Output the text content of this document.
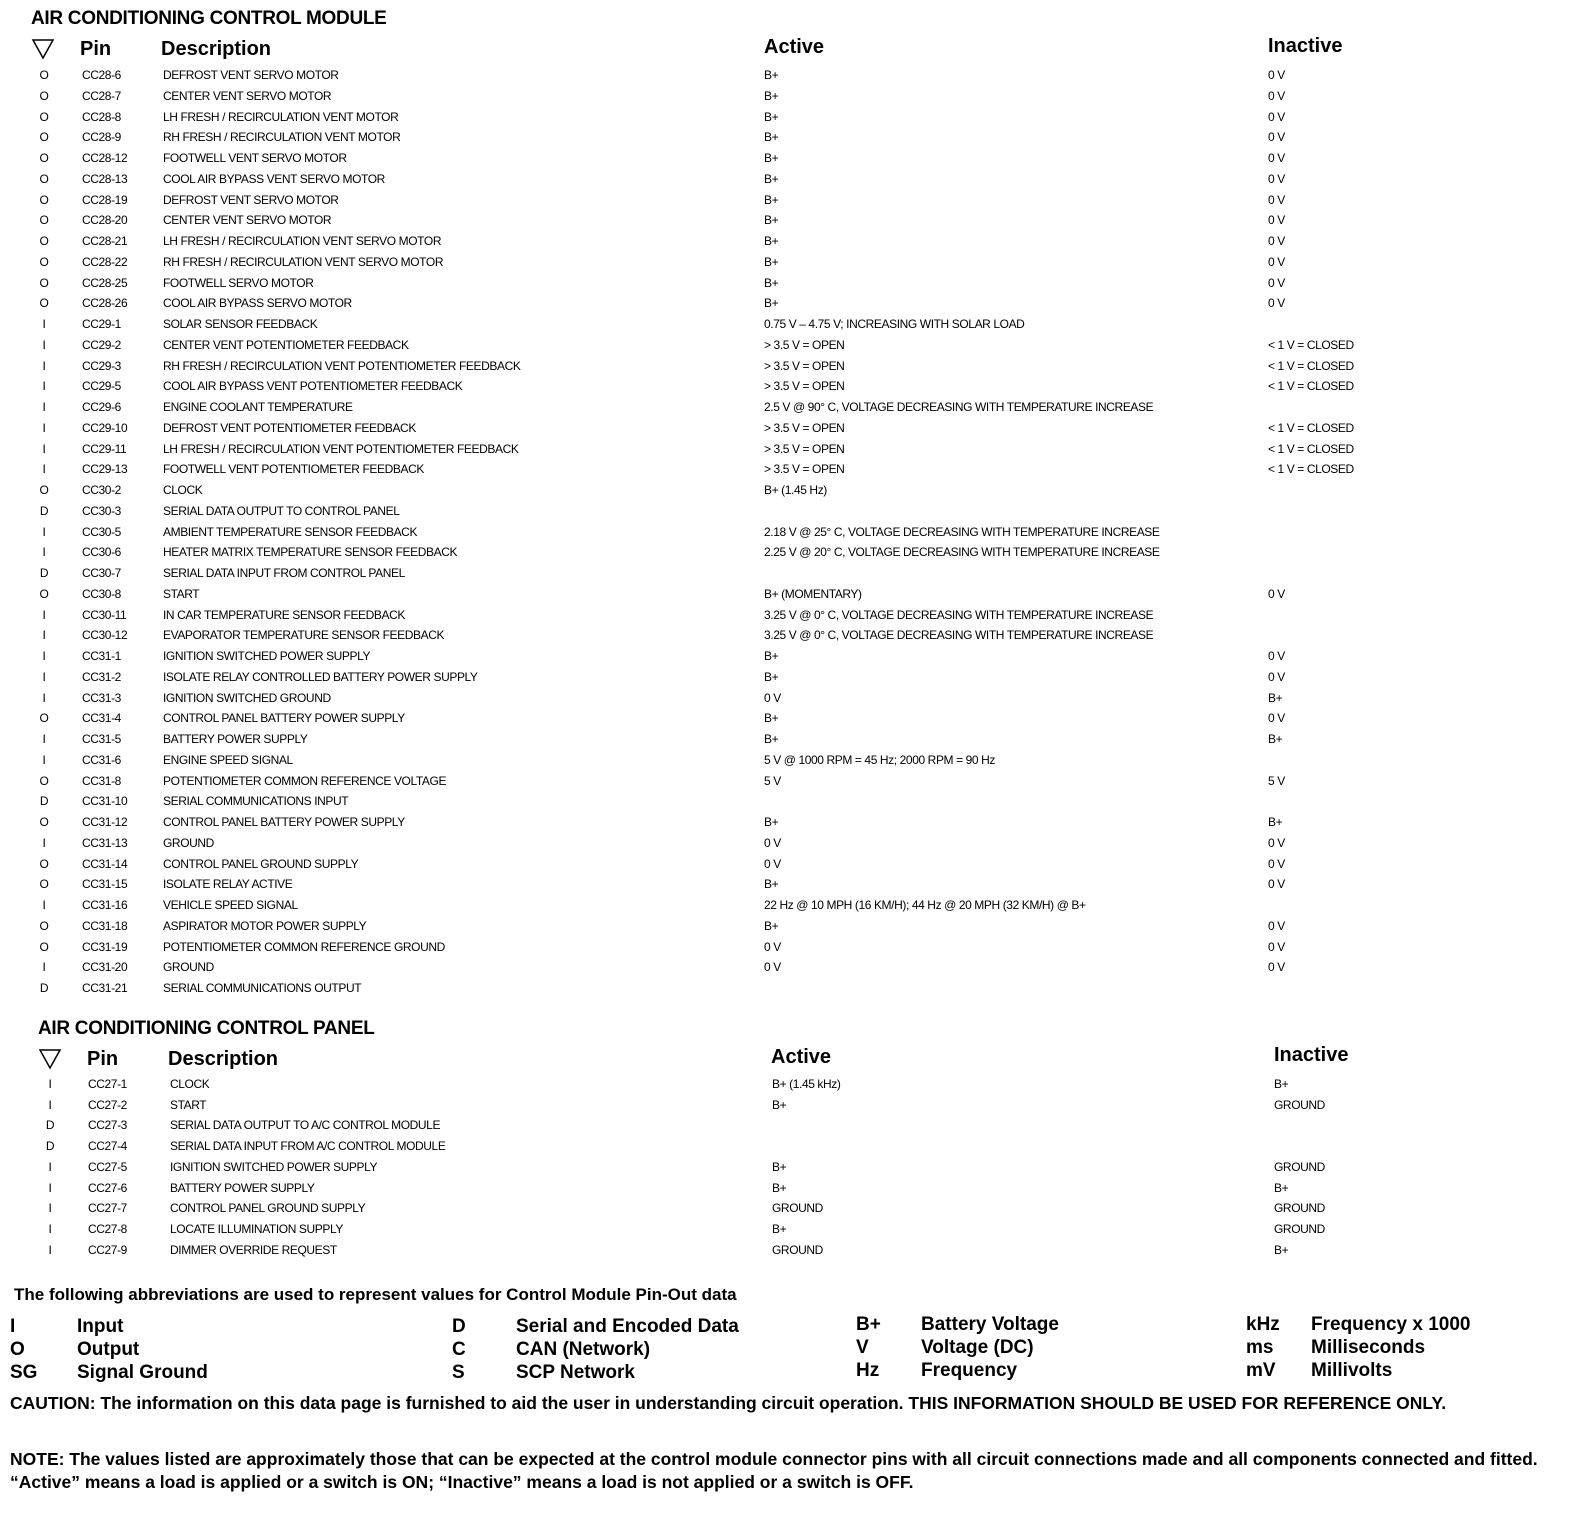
AIR CONDITIONING CONTROL MODULE
Pin Description	Active	Inactive
O	CC28-6	DEFROST VENT SERVO MOTOR	B+	0 V
O	CC28-7	CENTER VENT SERVO MOTOR	B+	0 V
O	CC28-8	LH FRESH / RECIRCULATION VENT MOTOR	B+	0 V
O	CC28-9	RH FRESH / RECIRCULATION VENT MOTOR	B+	0 V
O	CC28-12	FOOTWELL VENT SERVO MOTOR	B+	0 V
O	CC28-13	COOL AIR BYPASS VENT SERVO MOTOR	B+	0 V
O	CC28-19	DEFROST VENT SERVO MOTOR	B+	0 V
O	CC28-20	CENTER VENT SERVO MOTOR	B+	0 V
O	CC28-21	LH FRESH / RECIRCULATION VENT SERVO MOTOR	B+	0 V
O	CC28-22	RH FRESH / RECIRCULATION VENT SERVO MOTOR	B+	0 V
O	CC28-25	FOOTWELL SERVO MOTOR	B+	0 V
O	CC28-26	COOL AIR BYPASS SERVO MOTOR	B+	0 V
I	CC29-1	SOLAR SENSOR FEEDBACK	0.75 V – 4.75 V; INCREASING WITH SOLAR LOAD
I	CC29-2	CENTER VENT POTENTIOMETER FEEDBACK	> 3.5 V = OPEN	< 1 V = CLOSED
I	CC29-3	RH FRESH / RECIRCULATION VENT POTENTIOMETER FEEDBACK	> 3.5 V = OPEN	< 1 V = CLOSED
I	CC29-5	COOL AIR BYPASS VENT POTENTIOMETER FEEDBACK	> 3.5 V = OPEN	< 1 V = CLOSED
I	CC29-6	ENGINE COOLANT TEMPERATURE	2.5 V @ 90° C, VOLTAGE DECREASING WITH TEMPERATURE INCREASE
I	CC29-10	DEFROST VENT POTENTIOMETER FEEDBACK	> 3.5 V = OPEN	< 1 V = CLOSED
I	CC29-11	LH FRESH / RECIRCULATION VENT POTENTIOMETER FEEDBACK	> 3.5 V = OPEN	< 1 V = CLOSED
I	CC29-13	FOOTWELL VENT POTENTIOMETER FEEDBACK	> 3.5 V = OPEN	< 1 V = CLOSED
O	CC30-2	CLOCK	B+ (1.45 Hz)
D	CC30-3	SERIAL DATA OUTPUT TO CONTROL PANEL
I	CC30-5	AMBIENT TEMPERATURE SENSOR FEEDBACK	2.18 V @ 25° C, VOLTAGE DECREASING WITH TEMPERATURE INCREASE
I	CC30-6	HEATER MATRIX TEMPERATURE SENSOR FEEDBACK	2.25 V @ 20° C, VOLTAGE DECREASING WITH TEMPERATURE INCREASE
D	CC30-7	SERIAL DATA INPUT FROM CONTROL PANEL
O	CC30-8	START	B+ (MOMENTARY)	0 V
I	CC30-11	IN CAR TEMPERATURE SENSOR FEEDBACK	3.25 V @ 0° C, VOLTAGE DECREASING WITH TEMPERATURE INCREASE
I	CC30-12	EVAPORATOR TEMPERATURE SENSOR FEEDBACK	3.25 V @ 0° C, VOLTAGE DECREASING WITH TEMPERATURE INCREASE
I	CC31-1	IGNITION SWITCHED POWER SUPPLY	B+	0 V
I	CC31-2	ISOLATE RELAY CONTROLLED BATTERY POWER SUPPLY	B+	0 V
I	CC31-3	IGNITION SWITCHED GROUND	0 V	B+
O	CC31-4	CONTROL PANEL BATTERY POWER SUPPLY	B+	0 V
I	CC31-5	BATTERY POWER SUPPLY	B+	B+
I	CC31-6	ENGINE SPEED SIGNAL	5 V @ 1000 RPM = 45 Hz; 2000 RPM = 90 Hz
O	CC31-8	POTENTIOMETER COMMON REFERENCE VOLTAGE	5 V	5 V
D	CC31-10	SERIAL COMMUNICATIONS INPUT
O	CC31-12	CONTROL PANEL BATTERY POWER SUPPLY	B+	B+
I	CC31-13	GROUND	0 V	0 V
O	CC31-14	CONTROL PANEL GROUND SUPPLY	0 V	0 V
O	CC31-15	ISOLATE RELAY ACTIVE	B+	0 V
I	CC31-16	VEHICLE SPEED SIGNAL	22 Hz @ 10 MPH (16 KM/H); 44 Hz @ 20 MPH (32 KM/H) @ B+
O	CC31-18	ASPIRATOR MOTOR POWER SUPPLY	B+	0 V
O	CC31-19	POTENTIOMETER COMMON REFERENCE GROUND	0 V	0 V
I	CC31-20	GROUND	0 V	0 V
D	CC31-21	SERIAL COMMUNICATIONS OUTPUT
AIR CONDITIONING CONTROL PANEL
Pin Description	Active	Inactive
I	CC27-1	CLOCK	B+ (1.45 kHz)	B+
I	CC27-2	START	B+	GROUND
D	CC27-3	SERIAL DATA OUTPUT TO A/C CONTROL MODULE
D	CC27-4	SERIAL DATA INPUT FROM A/C CONTROL MODULE
I	CC27-5	IGNITION SWITCHED POWER SUPPLY	B+	GROUND
I	CC27-6	BATTERY POWER SUPPLY	B+	B+
I	CC27-7	CONTROL PANEL GROUND SUPPLY	GROUND	GROUND
I	CC27-8	LOCATE ILLUMINATION SUPPLY	B+	GROUND
I	CC27-9	DIMMER OVERRIDE REQUEST	GROUND	B+
The following abbreviations are used to represent values for Control Module Pin-Out data
I	Input
O	Output
SG Signal Ground
D	Serial and Encoded Data
C	CAN (Network)
S	SCP Network
B+ Battery Voltage
V	Voltage (DC)
Hz Frequency
kHz Frequency x 1000
ms Milliseconds
mV Millivolts
CAUTION: The information on this data page is furnished to aid the user in understanding circuit operation. THIS INFORMATION SHOULD BE USED FOR REFERENCE ONLY.
NOTE: The values listed are approximately those that can be expected at the control module connector pins with all circuit connections made and all components connected and fitted. “Active” means a load is applied or a switch is ON; “Inactive” means a load is not applied or a switch is OFF.
